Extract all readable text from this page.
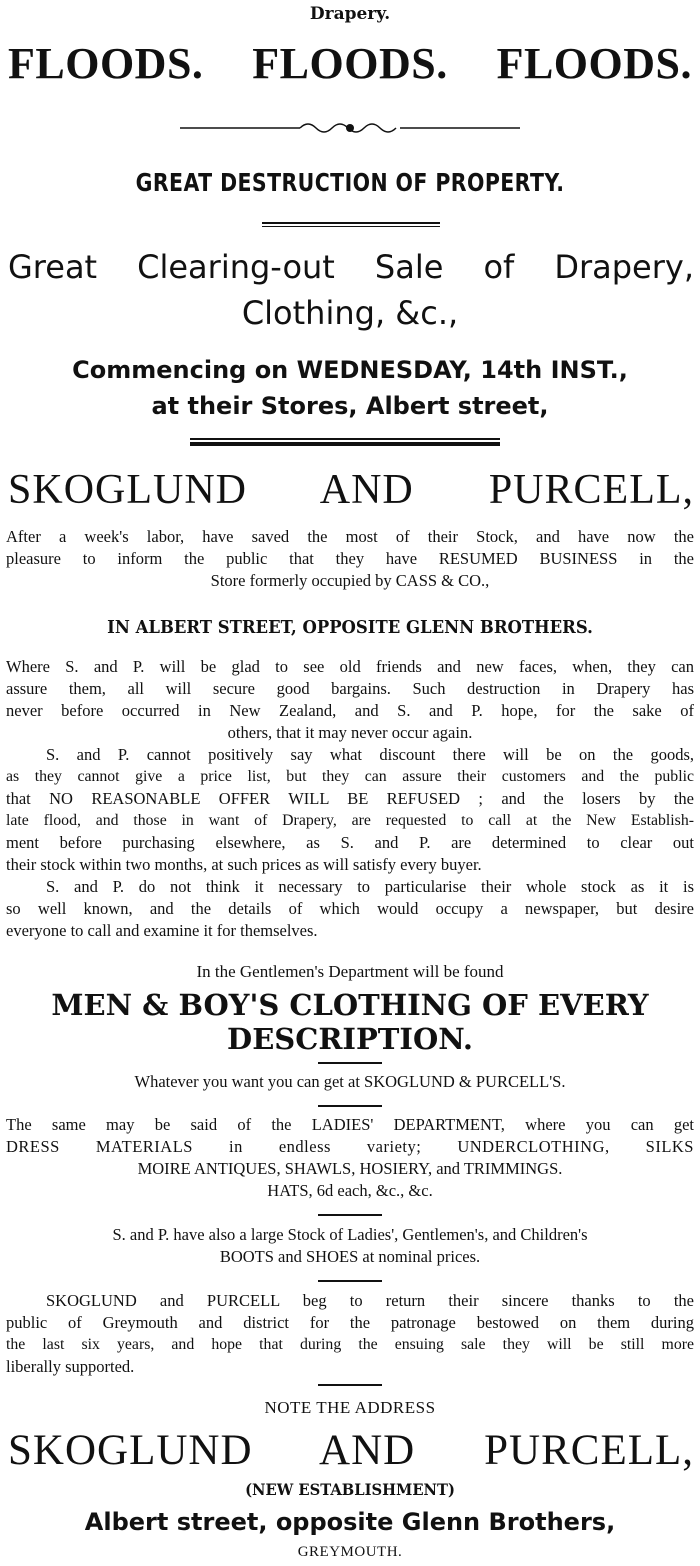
Drapery.
FLOODS. FLOODS. FLOODS.
GREAT DESTRUCTION OF PROPERTY.
Great Clearing-out Sale of Drapery,
Clothing, &c.,
Commencing on WEDNESDAY, 14th INST.,
at their Stores, Albert street,
SKOGLUND AND PURCELL,

After a week's labor, have saved the most of their Stock, and have now the

pleasure to inform the public that they have RESUMED BUSINESS in the

Store formerly occupied by CASS & CO.,

IN ALBERT STREET, OPPOSITE GLENN BROTHERS.

Where S. and P. will be glad to see old friends and new faces, when, they can

assure them, all will secure good bargains. Such destruction in Drapery has

never before occurred in New Zealand, and S. and P. hope, for the sake of

others, that it may never occur again.

S. and P. cannot positively say what discount there will be on the goods,

as they cannot give a price list, but they can assure their customers and the public

that NO REASONABLE OFFER WILL BE REFUSED ; and the losers by the

late flood, and those in want of Drapery, are requested to call at the New Establish-

ment before purchasing elsewhere, as S. and P. are determined to clear out

their stock within two months, at such prices as will satisfy every buyer.

S. and P. do not think it necessary to particularise their whole stock as it is

so well known, and the details of which would occupy a newspaper, but desire

everyone to call and examine it for themselves.

In the Gentlemen's Department will be found
MEN & BOY'S CLOTHING OF EVERY
DESCRIPTION.
Whatever you want you can get at SKOGLUND & PURCELL'S.

The same may be said of the LADIES' DEPARTMENT, where you can get

DRESS MATERIALS in endless variety; UNDERCLOTHING, SILKS

MOIRE ANTIQUES, SHAWLS, HOSIERY, and TRIMMINGS.

HATS, 6d each, &c., &c.

S. and P. have also a large Stock of Ladies', Gentlemen's, and Children's

BOOTS and SHOES at nominal prices.

SKOGLUND and PURCELL beg to return their sincere thanks to the

public of Greymouth and district for the patronage bestowed on them during

the last six years, and hope that during the ensuing sale they will be still more

liberally supported.

NOTE THE ADDRESS
SKOGLUND AND PURCELL,
(NEW ESTABLISHMENT)
Albert street, opposite Glenn Brothers,
GREYMOUTH.
